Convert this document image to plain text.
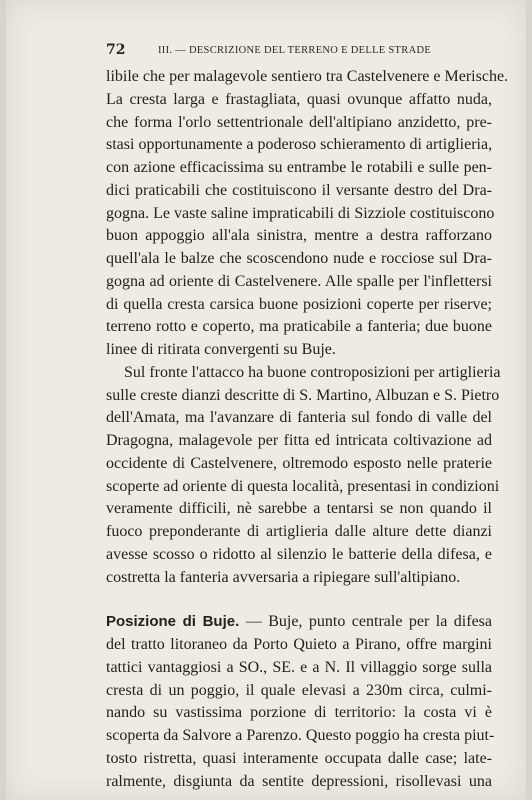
72	III. — DESCRIZIONE DEL TERRENO E DELLE STRADE
libile che per malagevole sentiero tra Castelvenere e Merische.
La cresta larga e frastagliata, quasi ovunque affatto nuda,
che forma l'orlo settentrionale dell'altipiano anzidetto, pre-
stasi opportunamente a poderoso schieramento di artiglieria,
con azione efficacissima su entrambe le rotabili e sulle pen-
dici praticabili che costituiscono il versante destro del Dra-
gogna. Le vaste saline impraticabili di Sizziole costituiscono
buon appoggio all'ala sinistra, mentre a destra rafforzano
quell'ala le balze che scoscendono nude e rocciose sul Dra-
gogna ad oriente di Castelvenere. Alle spalle per l'inflettersi
di quella cresta carsica buone posizioni coperte per riserve;
terreno rotto e coperto, ma praticabile a fanteria; due buone
linee di ritirata convergenti su Buje.
Sul fronte l'attacco ha buone controposizioni per artiglieria
sulle creste dianzi descritte di S. Martino, Albuzan e S. Pietro
dell'Amata, ma l'avanzare di fanteria sul fondo di valle del
Dragogna, malagevole per fitta ed intricata coltivazione ad
occidente di Castelvenere, oltremodo esposto nelle praterie
scoperte ad oriente di questa località, presentasi in condizioni
veramente difficili, nè sarebbe a tentarsi se non quando il
fuoco preponderante di artiglieria dalle alture dette dianzi
avesse scosso o ridotto al silenzio le batterie della difesa, e
costretta la fanteria avversaria a ripiegare sull'altipiano.
Posizione di Buje. — Buje, punto centrale per la difesa
del tratto litoraneo da Porto Quieto a Pirano, offre margini
tattici vantaggiosi a SO., SE. e a N. Il villaggio sorge sulla
cresta di un poggio, il quale elevasi a 230m circa, culmi-
nando su vastissima porzione di territorio: la costa vi è
scoperta da Salvore a Parenzo. Questo poggio ha cresta piut-
tosto ristretta, quasi interamente occupata dalle case; late-
ralmente, disgiunta da sentite depressioni, risollevasi una
